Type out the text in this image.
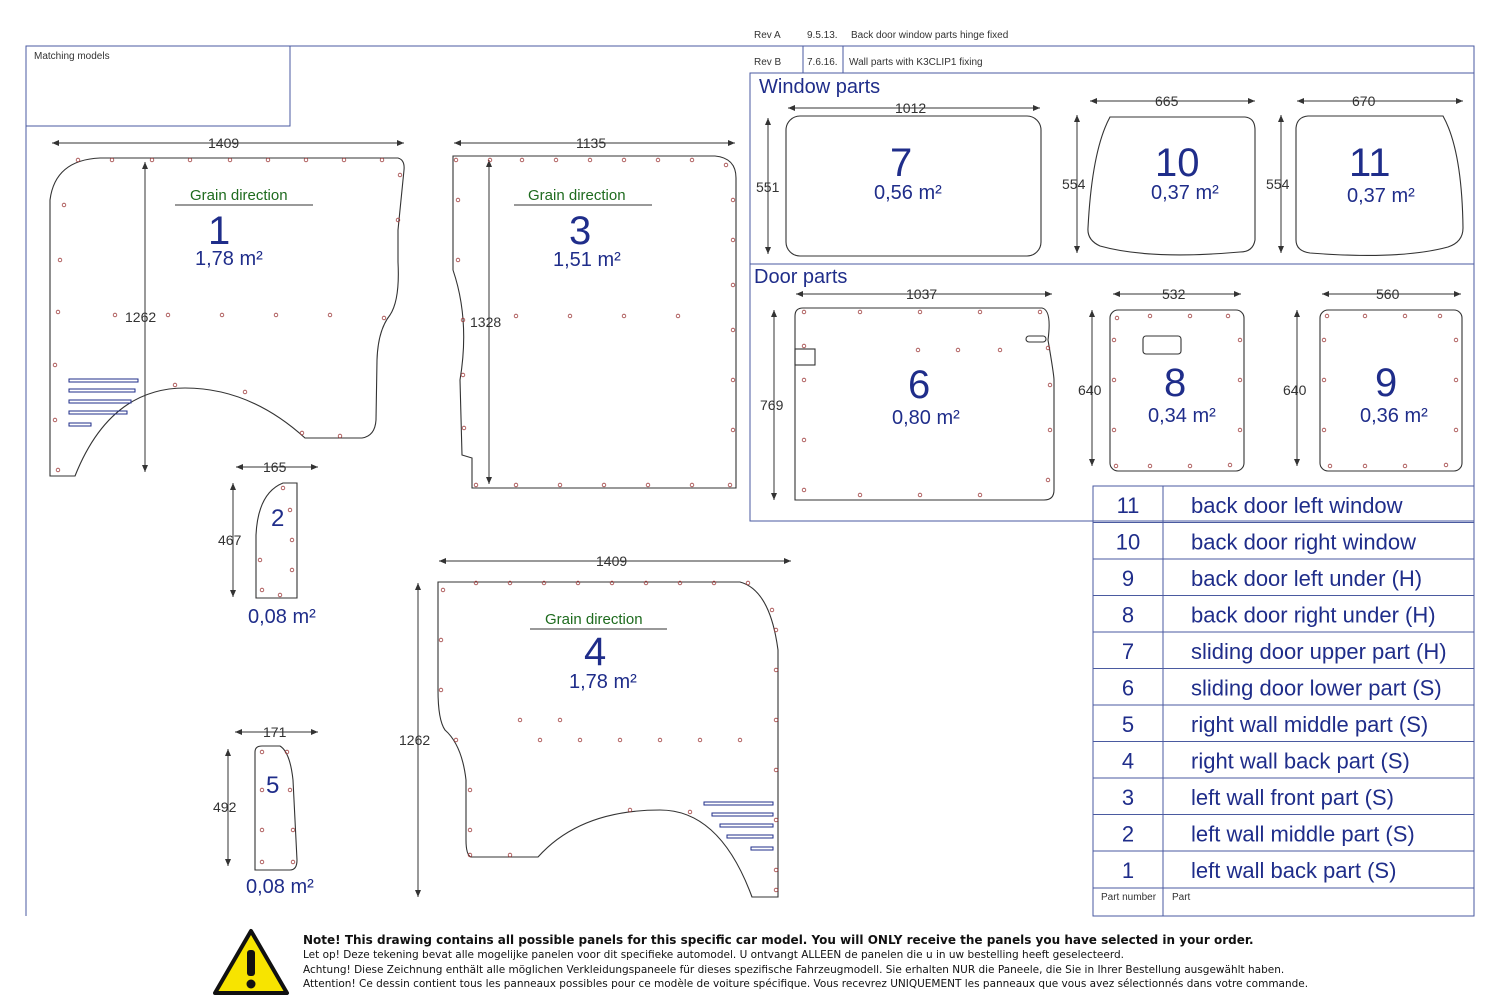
Matching models
Rev A	9.5.13. Back door window parts hinge fixed
Rev B	7.6.16. Wall parts with K3CLIP1 fixing
Window parts
Door parts
1409
1262
Grain direction
1
1,78 m²
1135
1328
Grain direction
3
1,51 m²
165
467
2
0,08 m²
1409
1262
Grain direction
4
1,78 m²
171
492
5
0,08 m²
1012
551
7
0,56 m²
665
554 10
0,37 m²
670
554 11
0,37 m²
1037
769	6
0,80 m²
532
640 8
0,34 m²
560
640 9
0,36 m²
Part number Part
11 back door left window
10 back door right window
9	back door left under (H)
8	back door right under (H)
7	sliding door upper part (H)
6	sliding door lower part (S)
5	right wall middle part (S)
4	right wall back part (S)
3	left wall front part (S)
2	left wall middle part (S)
1	left wall back part (S)
Note! This drawing contains all possible panels for this specific car model. You will ONLY receive the panels you have selected in your order.
Let op! Deze tekening bevat alle mogelijke panelen voor dit specifieke automodel. U ontvangt ALLEEN de panelen die u in uw bestelling heeft geselecteerd.
Achtung! Diese Zeichnung enthält alle möglichen Verkleidungspaneele für dieses spezifische Fahrzeugmodell. Sie erhalten NUR die Paneele, die Sie in Ihrer Bestellung ausgewählt haben.
Attention! Ce dessin contient tous les panneaux possibles pour ce modèle de voiture spécifique. Vous recevrez UNIQUEMENT les panneaux que vous avez sélectionnés dans votre commande.
